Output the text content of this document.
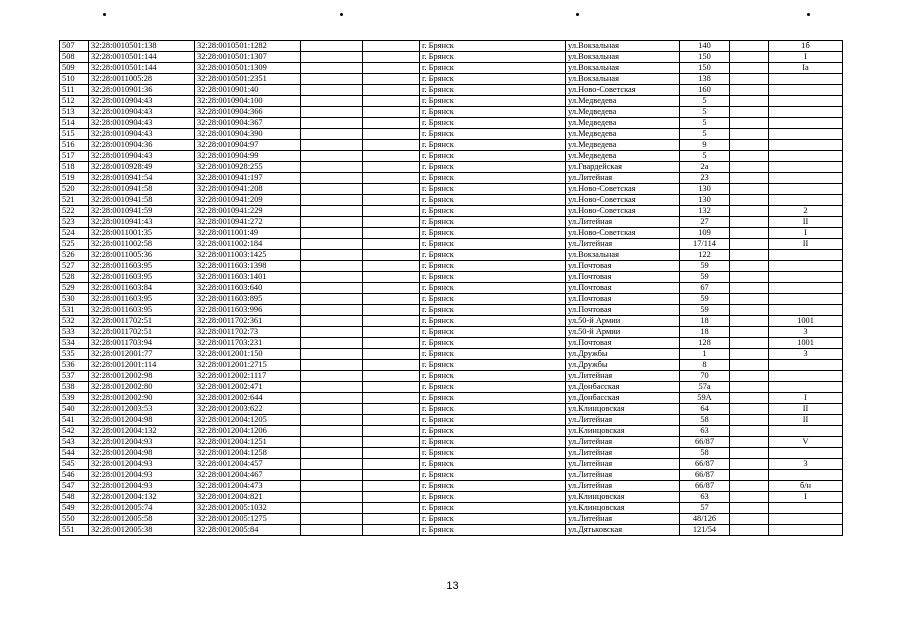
507	32:28:0010501:138	32:28:0010501:1282			г. Брянск	ул.Вокзальная	140		1б
508	32:28:0010501:144	32:28:0010501:1307			г. Брянск	ул.Вокзальная	150		I
509	32:28:0010501:144	32:28:0010501:1309			г. Брянск	ул.Вокзальная	150		Iа
510	32:28:0011005:28	32:28:0010501:2351			г. Брянск	ул.Вокзальная	138		
511	32:28:0010901:36	32:28:0010901:40			г. Брянск	ул.Ново-Советская	160		
512	32:28:0010904:43	32:28:0010904:100			г. Брянск	ул.Медведева	5		
513	32:28:0010904:43	32:28:0010904:366			г. Брянск	ул.Медведева	5		
514	32:28:0010904:43	32:28:0010904:367			г. Брянск	ул.Медведева	5		
515	32:28:0010904:43	32:28:0010904:390			г. Брянск	ул.Медведева	5		
516	32:28:0010904:36	32:28:0010904:97			г. Брянск	ул.Медведева	9		
517	32:28:0010904:43	32:28:0010904:99			г. Брянск	ул.Медведева	5		
518	32:28:0010928:49	32:28:0010928:255			г. Брянск	ул.Гвардейская	2а		
519	32:28:0010941:54	32:28:0010941:197			г. Брянск	ул.Литейная	23		
520	32:28:0010941:58	32:28:0010941:208			г. Брянск	ул.Ново-Советская	130		
521	32:28:0010941:58	32:28:0010941:209			г. Брянск	ул.Ново-Советская	130		
522	32:28:0010941:59	32:28:0010941:229			г. Брянск	ул.Ново-Советская	132		2
523	32:28:0010941:43	32:28:0010941:272			г. Брянск	ул.Литейная	27		II
524	32:28:0011001:35	32:28:0011001:49			г. Брянск	ул.Ново-Советская	109		I
525	32:28:0011002:58	32:28:0011002:184			г. Брянск	ул.Литейная	17/114		II
526	32:28:0011005:36	32:28:0011003:1425			г. Брянск	ул.Вокзальная	122		
527	32:28:0011603:95	32:28:0011603:1398			г. Брянск	ул.Почтовая	59		
528	32:28:0011603:95	32:28:0011603:1401			г. Брянск	ул.Почтовая	59		
529	32:28:0011603:84	32:28:0011603:640			г. Брянск	ул.Почтовая	67		
530	32:28:0011603:95	32:28:0011603:895			г. Брянск	ул.Почтовая	59		
531	32:28:0011603:95	32:28:0011603:996			г. Брянск	ул.Почтовая	59		
532	32:28:0011702:51	32:28:0011702:361			г. Брянск	ул.50-й Армии	18		1001
533	32:28:0011702:51	32:28:0011702:73			г. Брянск	ул.50-й Армии	18		3
534	32:28:0011703:94	32:28:0011703:231			г. Брянск	ул.Почтовая	128		1001
535	32:28:0012001:77	32:28:0012001:150			г. Брянск	ул.Дружбы	1		3
536	32:28:0012001:114	32:28:0012001:2715			г. Брянск	ул.Дружбы	8		
537	32:28:0012002:98	32:28:0012002:1117			г. Брянск	ул.Литейная	70		
538	32:28:0012002:80	32:28:0012002:471			г. Брянск	ул.Донбасская	57а		
539	32:28:0012002:90	32:28:0012002:644			г. Брянск	ул.Донбасская	59А		I
540	32:28:0012003:53	32:28:0012003:622			г. Брянск	ул.Клинцовская	64		II
541	32:28:0012004:98	32:28:0012004:1205			г. Брянск	ул.Литейная	58		II
542	32:28:0012004:132	32:28:0012004:1206			г. Брянск	ул.Клинцовская	63		
543	32:28:0012004:93	32:28:0012004:1251			г. Брянск	ул.Литейная	66/87		V
544	32:28:0012004:98	32:28:0012004:1258			г. Брянск	ул.Литейная	58		
545	32:28:0012004:93	32:28:0012004:457			г. Брянск	ул.Литейная	66/87		3
546	32:28:0012004:93	32:28:0012004:467			г. Брянск	ул.Литейная	66/87		
547	32:28:0012004:93	32:28:0012004:473			г. Брянск	ул.Литейная	66/87		б/н
548	32:28:0012004:132	32:28:0012004:821			г. Брянск	ул.Клинцовская	63		I
549	32:28:0012005:74	32:28:0012005:1032			г. Брянск	ул.Клинцовская	57		
550	32:28:0012005:58	32:28:0012005:1275			г. Брянск	ул.Литейная	48/126		
551	32:28:0012005:38	32:28:0012005:84			г. Брянск	ул.Дятьковская	121/54		
13
